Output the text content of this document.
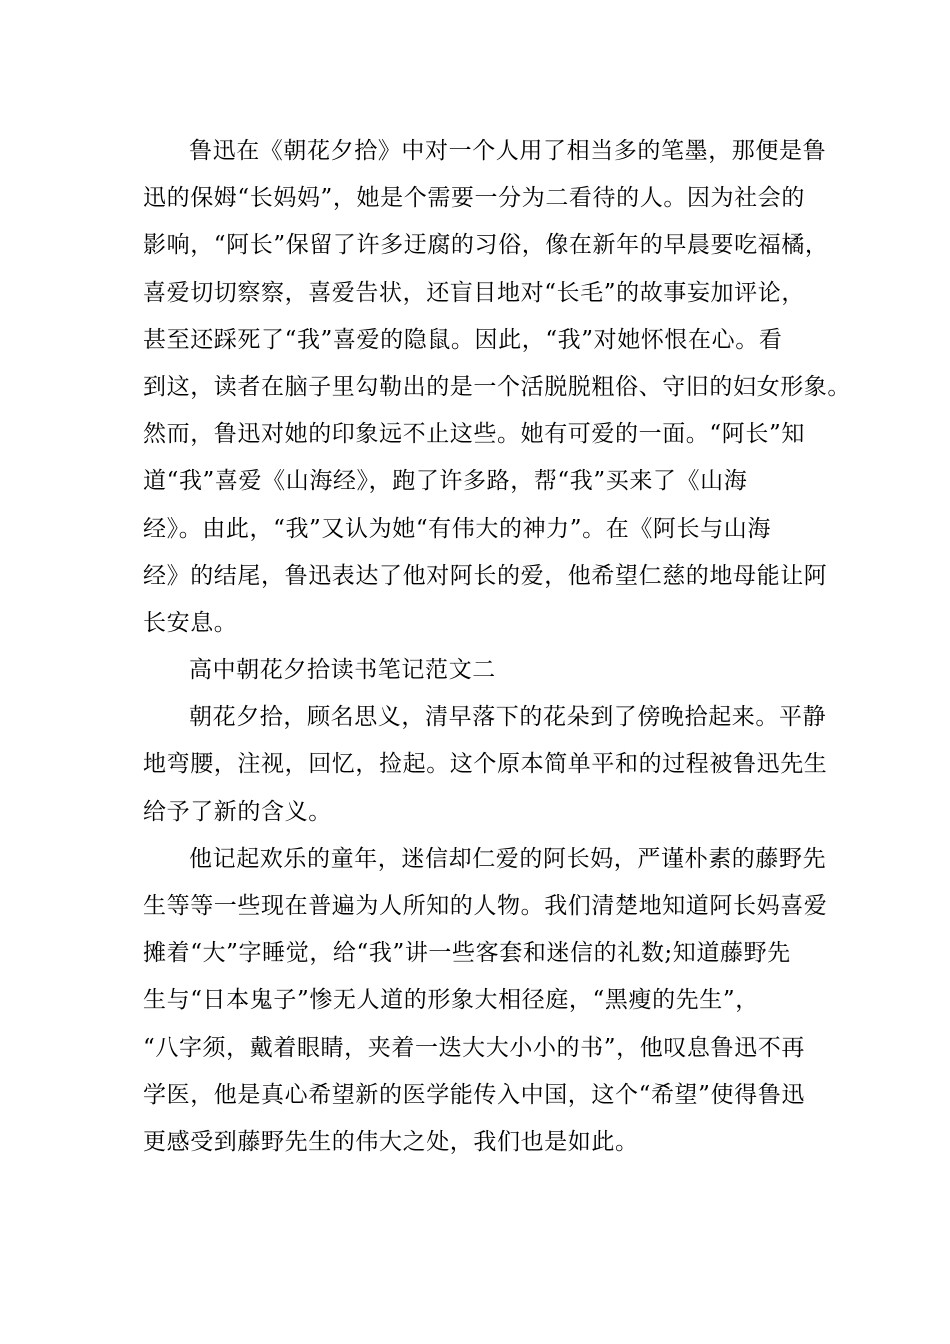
鲁迅在《朝花夕拾》中对一个人用了相当多的笔墨，那便是鲁
迅的保姆“长妈妈”，她是个需要一分为二看待的人。因为社会的
影响，“阿长”保留了许多迂腐的习俗，像在新年的早晨要吃福橘，
喜爱切切察察，喜爱告状，还盲目地对“长毛”的故事妄加评论，
甚至还踩死了“我”喜爱的隐鼠。因此，“我”对她怀恨在心。看
到这，读者在脑子里勾勒出的是一个活脱脱粗俗、守旧的妇女形象。
然而，鲁迅对她的印象远不止这些。她有可爱的一面。“阿长”知
道“我”喜爱《山海经》，跑了许多路，帮“我”买来了《山海
经》。由此，“我”又认为她“有伟大的神力”。在《阿长与山海
经》的结尾，鲁迅表达了他对阿长的爱，他希望仁慈的地母能让阿
长安息。
高中朝花夕拾读书笔记范文二
朝花夕拾，顾名思义，清早落下的花朵到了傍晚拾起来。平静
地弯腰，注视，回忆，捡起。这个原本简单平和的过程被鲁迅先生
给予了新的含义。
他记起欢乐的童年，迷信却仁爱的阿长妈，严谨朴素的藤野先
生等等一些现在普遍为人所知的人物。我们清楚地知道阿长妈喜爱
摊着“大”字睡觉，给“我”讲一些客套和迷信的礼数;知道藤野先
生与“日本鬼子”惨无人道的形象大相径庭，“黑瘦的先生”，
“八字须，戴着眼睛，夹着一迭大大小小的书”，他叹息鲁迅不再
学医，他是真心希望新的医学能传入中国，这个“希望”使得鲁迅
更感受到藤野先生的伟大之处，我们也是如此。
